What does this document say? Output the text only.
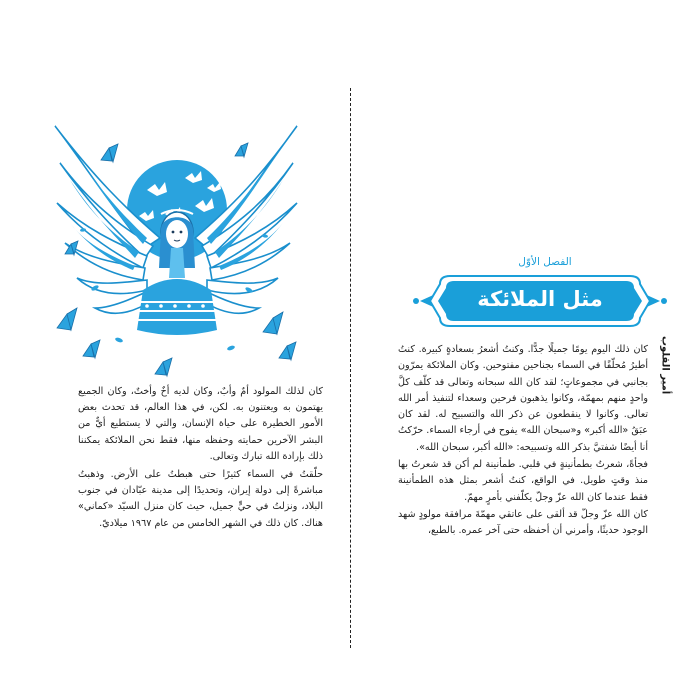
كان لذلك المولود أمٌ وأبٌ، وكان لديه أخٌ وأختٌ، وكان الجميع يهتمون به ويعتنون به. لكن، في هذا العالم، قد تحدث بعض الأمور الخطيرة على حياة الإنسان، والتي لا يستطيع أيٌّ من البشر الآخرين حمايته وحفظه منها، فقط نحن الملائكة يمكننا ذلك بإرادة الله تبارك وتعالى.

حلّقتُ في السماء كثيرًا حتى هبطتُ على الأرض. وذهبتُ مباشرةً إلى دولة إيران، وتحديدًا إلى مدينة عبّادان في جنوب البلاد، ونزلتُ في حيٍّ جميل، حيث كان منزل السيّد «كماني» هناك. كان ذلك في الشهر الخامس من عام ١٩٦٧ ميلاديّ.

الفصل الأوّل
مثل الملائكة
أمير القلوب

كان ذلك اليوم يومًا جميلًا جدًّا. وكنتُ أشعرُ بسعادةٍ كبيرة. كنتُ أطيرُ مُحلّقًا في السماء بجناحين مفتوحين. وكان الملائكة يمرّون بجانبي في مجموعاتٍ؛ لقد كان الله سبحانه وتعالى قد كلّف كلَّ واحدٍ منهم بمهمّة، وكانوا يذهبون فرحين وسعداء لتنفيذ أمر الله تعالى. وكانوا لا ينقطعون عن ذكر الله والتسبيح له. لقد كان عبَقُ «الله أكبر» و«سبحان الله» يفوح في أرجاء السماء. حرّكتُ أنا أيضًا شفتيَّ بذكر الله وتسبيحه: «الله أكبر، سبحان الله».

فجأةً، شعرتُ بطمأنينةٍ في قلبي. طمأنينة لم أكن قد شعرتُ بها منذ وقتٍ طويل. في الواقع، كنتُ أشعر بمثل هذه الطمأنينة فقط عندما كان الله عزّ وجلّ يكلّفني بأمرٍ مهمّ.

كان الله عزّ وجلّ قد ألقى على عاتقي مهمّةَ مرافقة مولودٍ شهد الوجود حديثًا، وأمرني أن أحفظه حتى آخر عمره. بالطبع،
